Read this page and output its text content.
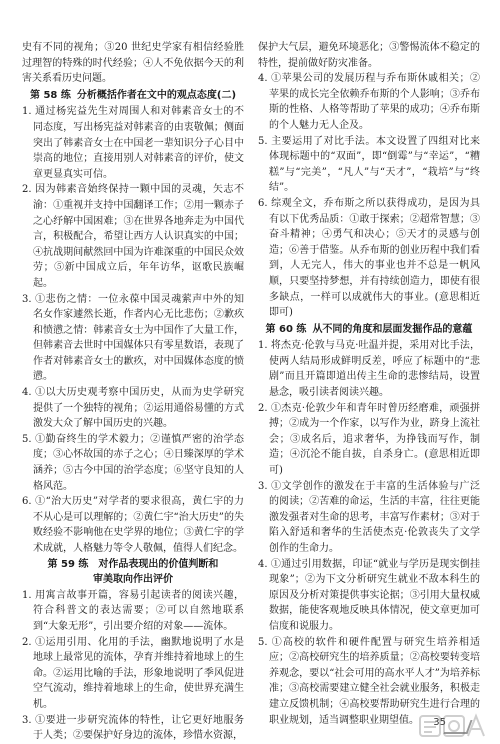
史有不同的视角；③20 世纪史学家有相信经验胜过理智的特殊的时代经验；④人不免依据今天的利害关系看历史问题。
第 58 练 分析概括作者在文中的观点态度(二)
1. 通过杨宪益先生对周围人和对韩素音女士的不同态度，写出杨宪益对韩素音的由衷敬佩；侧面突出了韩素音女士在中国老一辈知识分子心目中崇高的地位；直接用别人对韩素音的评价，使文章更显真实可信。
2. 因为韩素音始终保持一颗中国的灵魂，矢志不渝：①重视并支持中国翻译工作；②用一颗赤子之心纾解中国困难；③在世界各地奔走为中国代言，积极配合，希望让西方人认识真实的中国；④抗战期间献然回中国为许难深重的中国民众效劳；⑤新中国成立后，年年访华，讴歌民族崛起。
3. ①悲伤之情：一位永葆中国灵魂萦声中外的知名女作家遽然长逝，作者内心无比悲伤；②歉疚和愤懑之情：韩素音女士为中国作了大量工作，但韩素音去世时中国媒体只有零星数语，表现了作者对韩素音女士的歉疚，对中国媒体态度的愤懑。
4. ①以大历史观考察中国历史，从而为史学研究提供了一个独特的视角；②运用通俗易懂的方式激发大众了解中国历史的兴趣。
5. ①勤奋终生的学术毅力；②谨慎严密的治学态度；③心怀故国的赤子之心；④日臻深厚的学术涵养；⑤古今中国的治学态度；⑥坚守良知的人格风范。
6. ①“治大历史”对学者的要求很高，黄仁宇的力不从心是可以理解的；②黄仁宇“治大历史”的失败经验不影响他在史学界的地位；③黄仁宇的学术成就，人格魅力等令人敬佩，值得人们纪念。
第 59 练　对作品表现出的价值判断和
审美取向作出评价
1. 用寓言故事开篇，容易引起读者的阅读兴趣，符合科普文的表达需要；②可以自然地联系到“大象无形”，引出要介绍的对象——流体。
2. ①运用引用、化用的手法，幽默地说明了水是地球上最常见的流体，孕育并维持着地球上的生命。②运用比喻的手法，形象地说明了季风促进空气流动，维持着地球上的生命，使世界充满生机。
3. ①要进一步研究流体的特性，让它更好地服务于人类；②要保护好身边的流体，珍惜水资源，
保护大气层，避免环境恶化；③警惕流体不稳定的特性，提前做好防灾准备。
4. ①苹果公司的发展历程与乔布斯休戚相关；②苹果的成长完全依赖乔布斯的个人影响；③乔布斯的性格、人格等帮助了苹果的成功；④乔布斯的个人魅力无人企及。
5. 主要运用了对比手法。本文设置了四组对比来体现标题中的“双面”，即“倒霉”与“幸运”，“糟糕”与“完美”，“凡人”与“天才”，“栽培”与“终结”。
6. 综观全文，乔布斯之所以获得成功，是因为具有以下优秀品质：①敢于探索；②超常智慧；③奋斗精神；④勇气和决心；⑤天才的灵感与创造；⑥善于借鉴。从乔布斯的创业历程中我们看到，人无完人，伟大的事业也并不总是一帆风顺，只要坚持梦想，并有持续创造力，即使有很多缺点，一样可以成就伟大的事业。(意思相近即可)
第 60 练 从不同的角度和层面发掘作品的意蕴
1. 将杰克·伦敦与马克·吐温并提，采用对比手法，使两人结局形成鲜明反差，呼应了标题中的“悲剧”而且开篇即道出传主生命的悲惨结局，设置悬念，吸引读者阅读兴趣。
2. ①杰克·伦敦少年和青年时曾历经磨难，顽强拼搏；②成为一个作家，以写作为业，跻身上流社会；③成名后，追求奢华，为挣钱而写作，制造；④沉沦不能自拔，自杀身亡。(意思相近即可)
3. ①文学创作的激发在于丰富的生活体验与广泛的阅读；②苦难的命运，生活的丰富，往往更能激发强者对生命的思考，丰富写作素材；③对于陷入舒适和奢华的生活使杰克·伦敦丧失了文学创作的生命力。
4. ①通过引用数据，印证“就业与学历是现实倒挂现象”；②为下文分析研究生就业不敌本科生的原因及分析对策提供事实论据；③引用大量权威数据，能使客观地反映具体情况，使文章更加可信度和说服力。
5. ①高校的软件和硬件配置与研究生培养相适应；②高校研究生的培养质量；②高校要转变培养观念，要以“社会可用的高水平人才”为培养标准；③高校需要建立健全社会就业服务，积极走建立反馈机制；④高校要帮助研究生进行合理的职业规划，适当调整职业期望值。	35
